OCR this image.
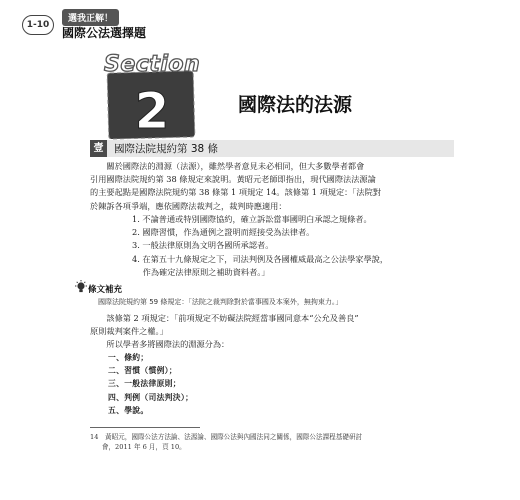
1-10
選我正解！
國際公法選擇題
2
Section
國際法的法源
壹	國際法院規約第 38 條
關於國際法的淵源（法源），雖然學者意見未必相同，但大多數學者都會
引用國際法院規約第 38 條規定來說明。黃昭元老師即指出，現代國際法法源論
的主要起點是國際法院規約第 38 條第 1 項規定 14。該條第 1 項規定：「法院對
於陳訴各項爭端，應依國際法裁判之，裁判時應適用：
1. 不論普通或特別國際協約，確立訴訟當事國明白承認之規條者。
2. 國際習慣，作為通例之證明而經接受為法律者。
3. 一般法律原則為文明各國所承認者。
4. 在第五十九條規定之下，司法判例及各國權威最高之公法學家學說，
作為確定法律原則之補助資料者。」
條文補充
國際法院規約第 59 條規定：「法院之裁判除對於當事國及本案外，無拘束力。」
該條第 2 項規定：「前項規定不妨礙法院經當事國同意本“公允及善良”
原則裁判案件之權。」
所以學者多將國際法的淵源分為：
一、條約；
二、習慣（慣例）；
三、一般法律原則；
四、判例（司法判決）；
五、學說。
14　黃昭元，國際公法方法論、法源論、國際公法與內國法同之關係，國際公法課程基礎研討
會，2011 年 6 月，頁 10。
